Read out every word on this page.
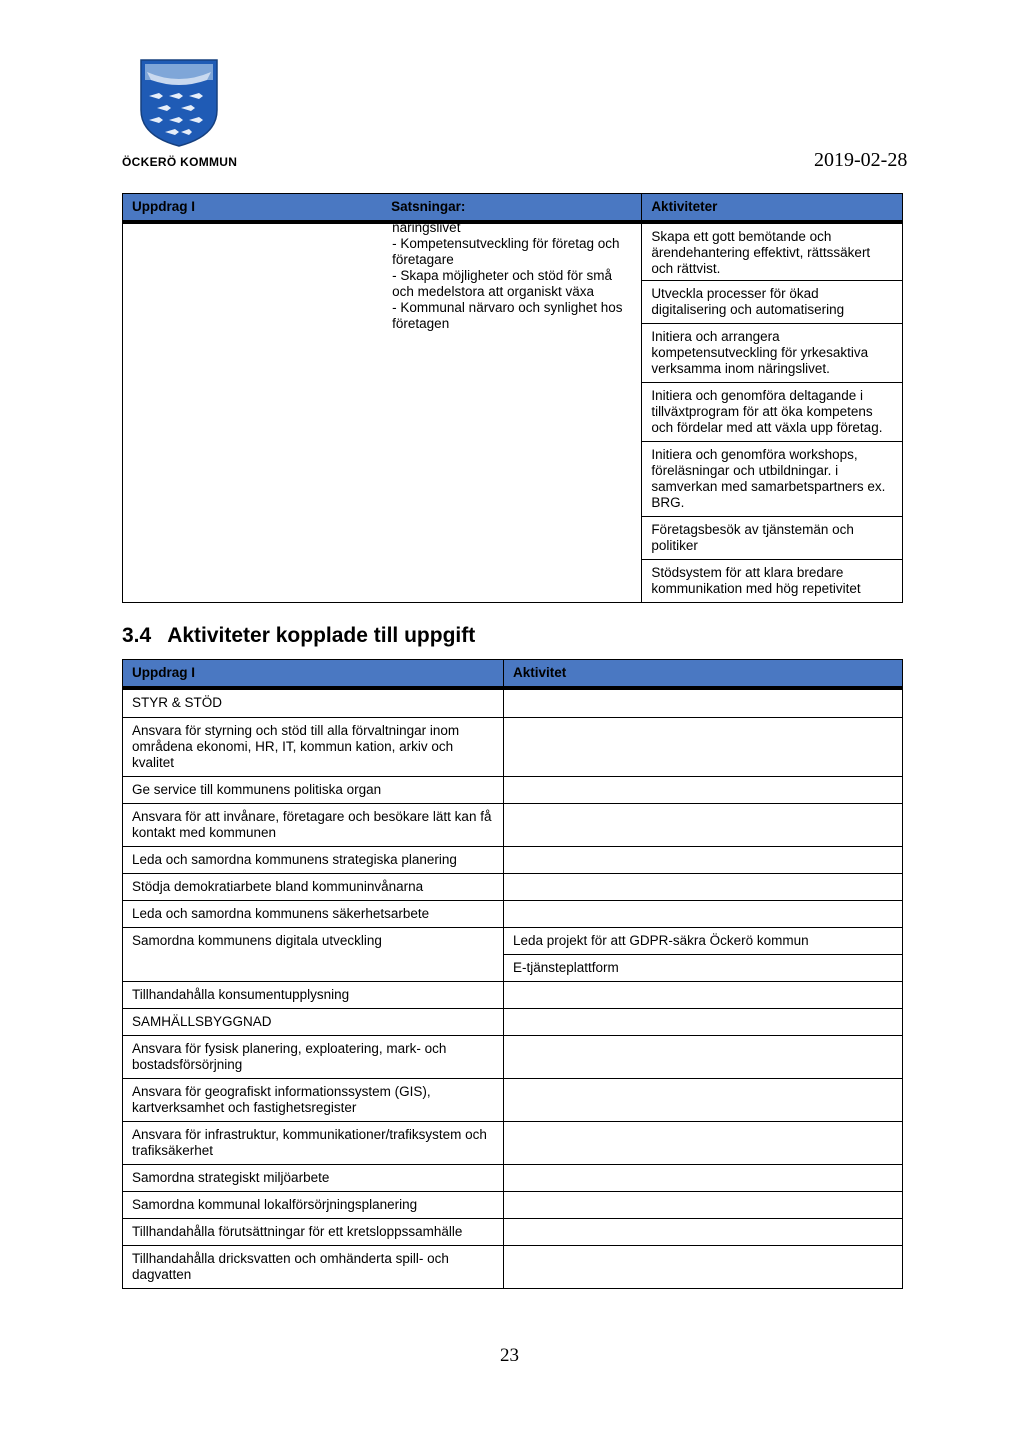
ÖCKERÖ KOMMUN	2019-02-28
Uppdrag I	Satsningar:	Aktiviteter

	näringslivet
- Kompetensutveckling för företag och företagare
- Skapa möjligheter och stöd för små och medelstora att organiskt växa
- Kommunal närvaro och synlighet hos företagen	Skapa ett gott bemötande och ärendehantering effektivt, rättssäkert och rättvist.
		Utveckla processer för ökad digitalisering och automatisering
		Initiera och arrangera kompetensutveckling för yrkesaktiva verksamma inom näringslivet.
		Initiera och genomföra deltagande i tillväxtprogram för att öka kompetens och fördelar med att växla upp företag.
		Initiera och genomföra workshops, föreläsningar och utbildningar. i samverkan med samarbetspartners ex. BRG.
		Företagsbesök av tjänstemän och politiker
		Stödsystem för att klara bredare kommunikation med hög repetivitet
3.4 Aktiviteter kopplade till uppgift
Uppdrag I	Aktivitet
STYR & STÖD	
Ansvara för styrning och stöd till alla förvaltningar inom områdena ekonomi, HR, IT, kommun kation, arkiv och kvalitet	
Ge service till kommunens politiska organ	
Ansvara för att invånare, företagare och besökare lätt kan få kontakt med kommunen	
Leda och samordna kommunens strategiska planering	
Stödja demokratiarbete bland kommuninvånarna	
Leda och samordna kommunens säkerhetsarbete	
Samordna kommunens digitala utveckling	Leda projekt för att GDPR-säkra Öckerö kommun
	E-tjänsteplattform
Tillhandahålla konsumentupplysning	
SAMHÄLLSBYGGNAD	
Ansvara för fysisk planering, exploatering, mark- och bostadsförsörjning	
Ansvara för geografiskt informationssystem (GIS), kartverksamhet och fastighetsregister	
Ansvara för infrastruktur, kommunikationer/trafiksystem och trafiksäkerhet	
Samordna strategiskt miljöarbete	
Samordna kommunal lokalförsörjningsplanering	
Tillhandahålla förutsättningar för ett kretsloppssamhälle	
Tillhandahålla dricksvatten och omhänderta spill- och dagvatten	
23
